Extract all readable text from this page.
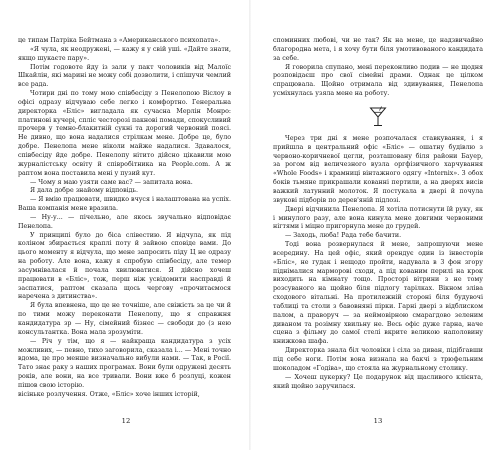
це типам Патріка Бейтмана з «Американського психопата».

«Я чула, як неодружені, — кажу я у свій уші. «Дайте знати, якщо шукаєте пару».

Потім годовоте йду із зали у пакт чоловиків від Малоїс Шкайлін, які марині не можу собі дозволити, і спішучи чемлий все рада.

Чотири дні по тому мою співбесіду з Пенелопою Віслоу в офісі одразу відчуваю себе легко і комфортно. Генеральна директорка «Бліс» вигладала як сучасна Мерлін Монро: платинові кучері, спліс честорозі пакнові помади, спокусливий прочерв у темно-блакитній сукні та дорогий червоний поясі. Не дивно, що вона надалися стрілкам мене. Добре це, було добре. Пенелопа мене ніколи майже надалися. Здавалося, співбесіду йде добре. Пенелопу нітито дійсно цікавили мою журналістську освіту й співробітника на People.com. А ж раптом вона поставила мені у пузий кут.

— Чому я маю узяти саме вас? — запитала вона.

Я дала добре знайому відповідь.

— Я вмію працювати, швидко вчуся і налаштована на успіх. Ваша компанія мене вразила.

— Ну-у... — пічельно, але якось звучально відповідає Пенелопа.

У принципі було до біса слівестию. Я відчула, як під коліном збирається краплі поту й зайвою сповіде вами. До цього моменту я відчула, що мене запросить піду Ц не одразу на роботу. Але вона, кажу я спробую співбесіду, але темер засумнівалася й почала хвилюватися. Я дійсно хочеш працювати в «Бліс», тож, перш ніж усвідомити насправді й заспатися, раптом сказала щось чергову «прочитаємося наречена з дитинства».

Я була впевнена, що це не точніше, але свіжість за це чи й по тими можу переконати Пенелопу, що я справжня кандидатура зр — Ну, сімейний бізнес — свободи до (з нею консультантка. Вона мала зрозуміти.

— Річ у тім, що я — найкраща кандидатура з усіх можливих, — певно, тихо заговорила, сказала і... — Мені точно вдома, це про менше визначально вибули нами. — Так, в Росії. Тато знає раку з наших програмах. Вони були одружені десять років, але вони, на все тривали. Вони вже б розлуці, кожен пішов свою історію.

вісіньке розлучення. Отже, «Бліс» хоче інших історій,

12

споминних любові, чи не так? Як на мене, це надзвичайно благородна мета, і я хочу бути біля умотивованого кандидата за себе.

Я говорила спупано, мені переконливо подив — не щодня розповідаєш про свої сімейні драми. Однак це цілком спрацювала. Щойно отримала від здивування, Пенелопа усміхнулась узяла мене на роботу.

Через три дні я мене розпочалася ставкування, і я прийшла в центральний офіс «Бліс» — ошатну будівлю з червоно-коричневої цегли, розташовану біля райони Бауер, за рогом від величезного вузла оргфізичного харчування «Whole Foods» і крамниці вінтажного одягу «Internix». З обох боків тьмяне прикрашали кованні пертили, а на дверях висів важкий латунний молоток. Я постукала в двері й почула звукові підборів по дерев'яній підлозі.

Двері відчинила Пенелопа. Я хотіла потиснути їй руку, як і минулого разу, але вона кинула мене довгими червоними нігтями і міцно пригорнула мене до грудей.

— Заходь, люба! Рада тебе бачити.

Тоді вона розвернулася й мене, запрошуючи мене всередину. На цей офіс, який орендує один із інвесторів «Бліс», не гудак і нещодо пройти, надувала в 3 фон згору піднімалися марморові сходи, а під кованим перилі на крок виходить на кімнату тощо. Просторі вітрини з не тому розсуваного на щойно біля підлогу тарілках. Вікном зліва сходового вітальні. На протилежній стороні біля будувочі таблиці та столи з бавовняні пірки. Гарні двері з відблиском палом, а праворуч — за неймовірною смарагдово зеленим диваном та розімну хвильну не. Весь офіс дуже гарна, наче сцена з фільму до самої стелі вкрите великою наполовину книжкова шафа.

Директорка знала біл чоловіки і сіла за диван, підібгавши під себе ноги. Потім вона визнала на бакчі з трюфельним шоколадом «Годіва», що стояла на журнальному столику.

— Хочеш цукерку? Це подарунок від щасливого клієнта, який щойно заручилася.

13
